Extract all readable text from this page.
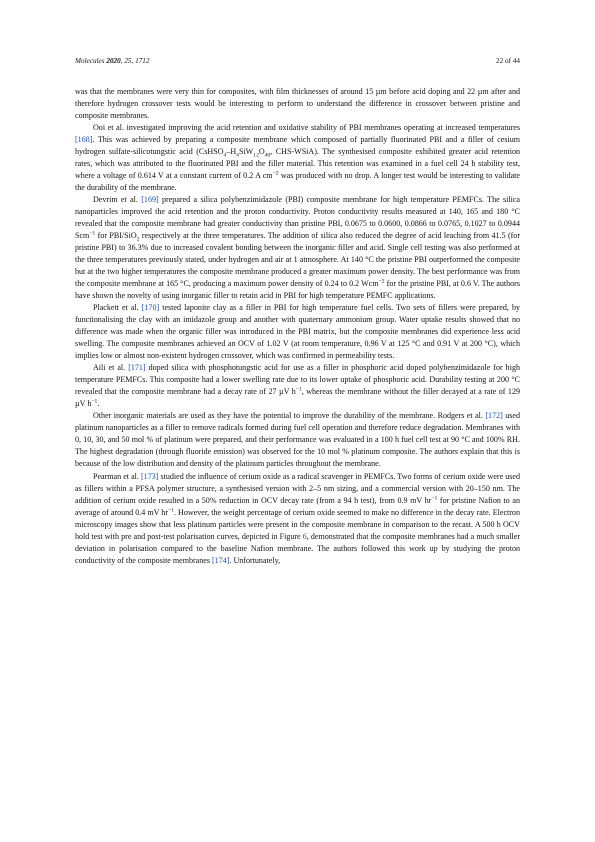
Molecules 2020, 25, 1712	22 of 44

was that the membranes were very thin for composites, with film thicknesses of around 15 µm before acid doping and 22 µm after and therefore hydrogen crossover tests would be interesting to perform to understand the difference in crossover between pristine and composite membranes.

Ooi et al. investigated improving the acid retention and oxidative stability of PBI membranes operating at increased temperatures [168]. This was achieved by preparing a composite membrane which composed of partially fluorinated PBI and a filler of cesium hydrogen sulfate-silicotungstic acid ($CsHSO_4-H_4SiW_{12}O_{40}$, CHS-WSiA). The synthesised composite exhibited greater acid retention rates, which was attributed to the fluorinated PBI and the filler material. This retention was examined in a fuel cell 24 h stability test, where a voltage of 0.614 V at a constant current of 0.2 A $cm^{-2}$ was produced with no drop. A longer test would be interesting to validate the durability of the membrane.

Devrim et al. [169] prepared a silica polybenzimidazole (PBI) composite membrane for high temperature PEMFCs. The silica nanoparticles improved the acid retention and the proton conductivity. Proton conductivity results measured at 140, 165 and 180 °C revealed that the composite membrane had greater conductivity than pristine PBI, 0.0675 to 0.0600, 0.0866 to 0.0765, 0.1027 to 0.0944 Scm$^{-1}$ for PBI/SiO$_2$ respectively at the three temperatures. The addition of silica also reduced the degree of acid leaching from 41.5 (for pristine PBI) to 36.3% due to increased covalent bonding between the inorganic filler and acid. Single cell testing was also performed at the three temperatures previously stated, under hydrogen and air at 1 atmosphere. At 140 °C the pristine PBI outperformed the composite but at the two higher temperatures the composite membrane produced a greater maximum power density. The best performance was from the composite membrane at 165 °C, producing a maximum power density of 0.24 to 0.2 Wcm$^{-2}$ for the pristine PBI, at 0.6 V. The authors have shown the novelty of using inorganic filler to retain acid in PBI for high temperature PEMFC applications.

Plackett et al. [170] tested laponite clay as a filler in PBI for high temperature fuel cells. Two sets of fillers were prepared, by functionalising the clay with an imidazole group and another with quaternary ammonium group. Water uptake results showed that no difference was made when the organic filler was introduced in the PBI matrix, but the composite membranes did experience less acid swelling. The composite membranes achieved an OCV of 1.02 V (at room temperature, 0.96 V at 125 °C and 0.91 V at 200 °C), which implies low or almost non-existent hydrogen crossover, which was confirmed in permeability tests.

Aili et al. [171] doped silica with phosphotungstic acid for use as a filler in phosphoric acid doped polybenzimidazole for high temperature PEMFCs. This composite had a lower swelling rate due to its lower uptake of phosphoric acid. Durability testing at 200 °C revealed that the composite membrane had a decay rate of 27 µV $h^{-1}$, whereas the membrane without the filler decayed at a rate of 129 µV $h^{-1}$.

Other inorganic materials are used as they have the potential to improve the durability of the membrane. Rodgers et al. [172] used platinum nanoparticles as a filler to remove radicals formed during fuel cell operation and therefore reduce degradation. Membranes with 0, 10, 30, and 50 mol % of platinum were prepared, and their performance was evaluated in a 100 h fuel cell test at 90 °C and 100% RH. The highest degradation (through fluoride emission) was observed for the 10 mol % platinum composite. The authors explain that this is because of the low distribution and density of the platinum particles throughout the membrane.

Pearman et al. [173] studied the influence of cerium oxide as a radical scavenger in PEMFCs. Two forms of cerium oxide were used as fillers within a PFSA polymer structure, a synthesised version with 2–5 nm sizing, and a commercial version with 20–150 nm. The addition of cerium oxide resulted in a 50% reduction in OCV decay rate (from a 94 h test), from 0.9 mV $hr^{-1}$ for pristine Nafion to an average of around 0.4 mV $hr^{-1}$. However, the weight percentage of cerium oxide seemed to make no difference in the decay rate. Electron microscopy images show that less platinum particles were present in the composite membrane in comparison to the recast. A 500 h OCV hold test with pre and post-test polarisation curves, depicted in Figure 6, demonstrated that the composite membranes had a much smaller deviation in polarisation compared to the baseline Nafion membrane. The authors followed this work up by studying the proton conductivity of the composite membranes [174]. Unfortunately,
